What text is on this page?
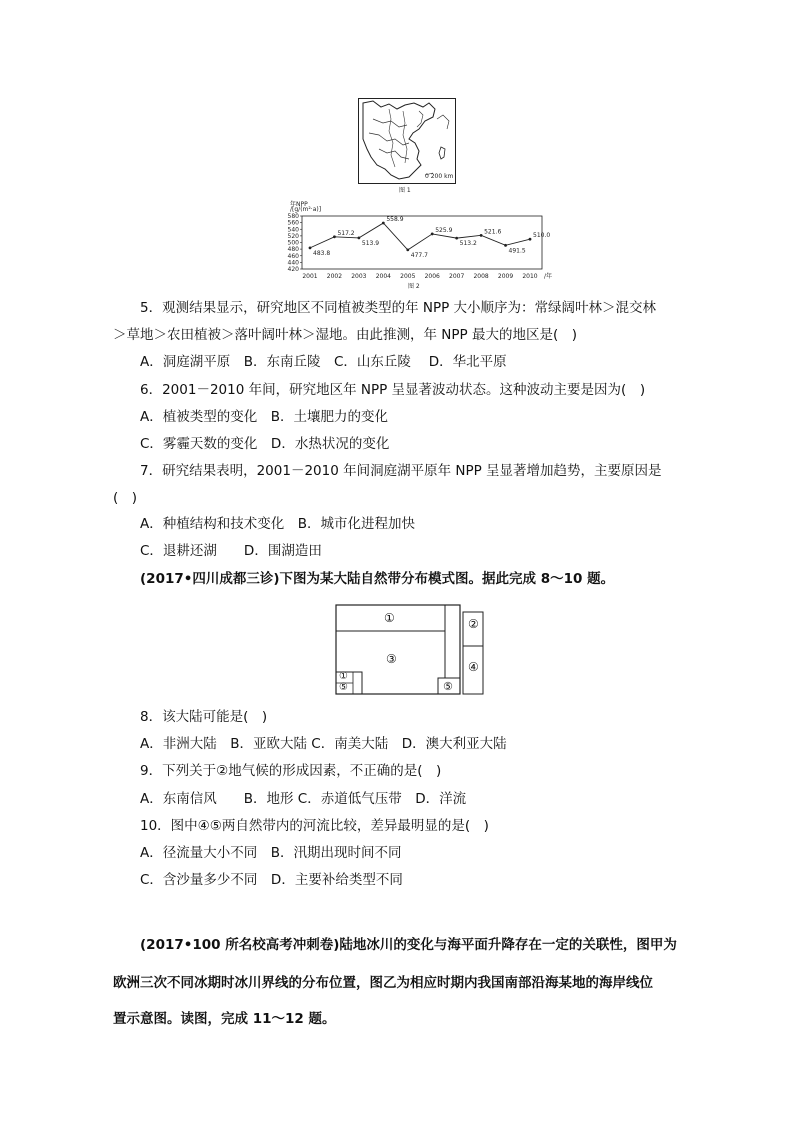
0 200 km
图 1
年NPP
/[g/(m²·a)]
580
560
540
520
500
480
460
440
420
2001 2002 2003 2004 2005 2006 2007 2008 2009 2010 /年
483.8
517.2
513.9
558.9
477.7
525.9
513.2
521.6
491.5
510.0
图 2
5．观测结果显示，研究地区不同植被类型的年 NPP 大小顺序为：常绿阔叶林＞混交林
＞草地＞农田植被＞落叶阔叶林＞湿地。由此推测，年 NPP 最大的地区是(　)
A．洞庭湖平原　B．东南丘陵　C．山东丘陵　 D．华北平原
6．2001－2010 年间，研究地区年 NPP 呈显著波动状态。这种波动主要是因为(　)
A．植被类型的变化　B．土壤肥力的变化
C．雾霾天数的变化　D．水热状况的变化
7．研究结果表明，2001－2010 年间洞庭湖平原年 NPP 呈显著增加趋势，主要原因是
(　)
A．种植结构和技术变化　B．城市化进程加快
C．退耕还湖　　D．围湖造田
(2017•四川成都三诊)下图为某大陆自然带分布模式图。据此完成 8～10 题。
①	②
③
④
①
⑤	⑤
8．该大陆可能是(　)
A．非洲大陆　B．亚欧大陆 C．南美大陆　D．澳大利亚大陆
9．下列关于②地气候的形成因素，不正确的是(　)
A．东南信风　　B．地形 C．赤道低气压带　D．洋流
10．图中④⑤两自然带内的河流比较，差异最明显的是(　)
A．径流量大小不同　B．汛期出现时间不同
C．含沙量多少不同　D．主要补给类型不同
(2017•100 所名校高考冲刺卷)陆地冰川的变化与海平面升降存在一定的关联性，图甲为
欧洲三次不同冰期时冰川界线的分布位置，图乙为相应时期内我国南部沿海某地的海岸线位
置示意图。读图，完成 11～12 题。
